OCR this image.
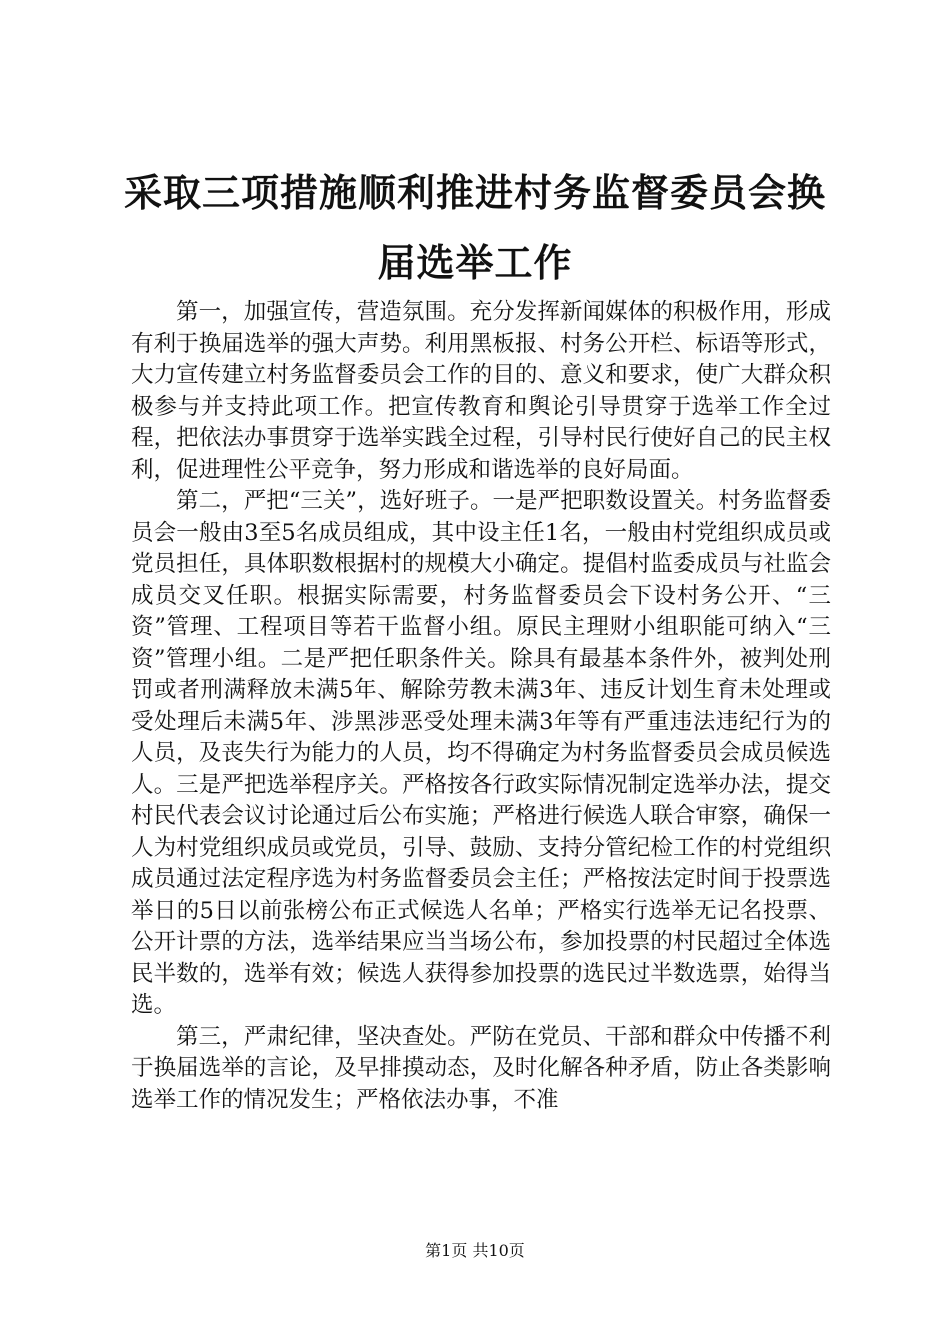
采取三项措施顺利推进村务监督委员会换届选举工作

第一，加强宣传，营造氛围。充分发挥新闻媒体的积极作用，形成有利于换届选举的强大声势。利用黑板报、村务公开栏、标语等形式，大力宣传建立村务监督委员会工作的目的、意义和要求，使广大群众积极参与并支持此项工作。把宣传教育和舆论引导贯穿于选举工作全过程，把依法办事贯穿于选举实践全过程，引导村民行使好自己的民主权利，促进理性公平竞争，努力形成和谐选举的良好局面。

第二，严把“三关”，选好班子。一是严把职数设置关。村务监督委员会一般由3至5名成员组成，其中设主任1名，一般由村党组织成员或党员担任，具体职数根据村的规模大小确定。提倡村监委成员与社监会成员交叉任职。根据实际需要，村务监督委员会下设村务公开、“三资”管理、工程项目等若干监督小组。原民主理财小组职能可纳入“三资”管理小组。二是严把任职条件关。除具有最基本条件外，被判处刑罚或者刑满释放未满5年、解除劳教未满3年、违反计划生育未处理或受处理后未满5年、涉黑涉恶受处理未满3年等有严重违法违纪行为的人员，及丧失行为能力的人员，均不得确定为村务监督委员会成员候选人。三是严把选举程序关。严格按各行政实际情况制定选举办法，提交村民代表会议讨论通过后公布实施；严格进行候选人联合审察，确保一人为村党组织成员或党员，引导、鼓励、支持分管纪检工作的村党组织成员通过法定程序选为村务监督委员会主任；严格按法定时间于投票选举日的5日以前张榜公布正式候选人名单；严格实行选举无记名投票、公开计票的方法，选举结果应当当场公布，参加投票的村民超过全体选民半数的，选举有效；候选人获得参加投票的选民过半数选票，始得当选。

第三，严肃纪律，坚决查处。严防在党员、干部和群众中传播不利于换届选举的言论，及早排摸动态，及时化解各种矛盾，防止各类影响选举工作的情况发生；严格依法办事，不准

第1页 共10页
